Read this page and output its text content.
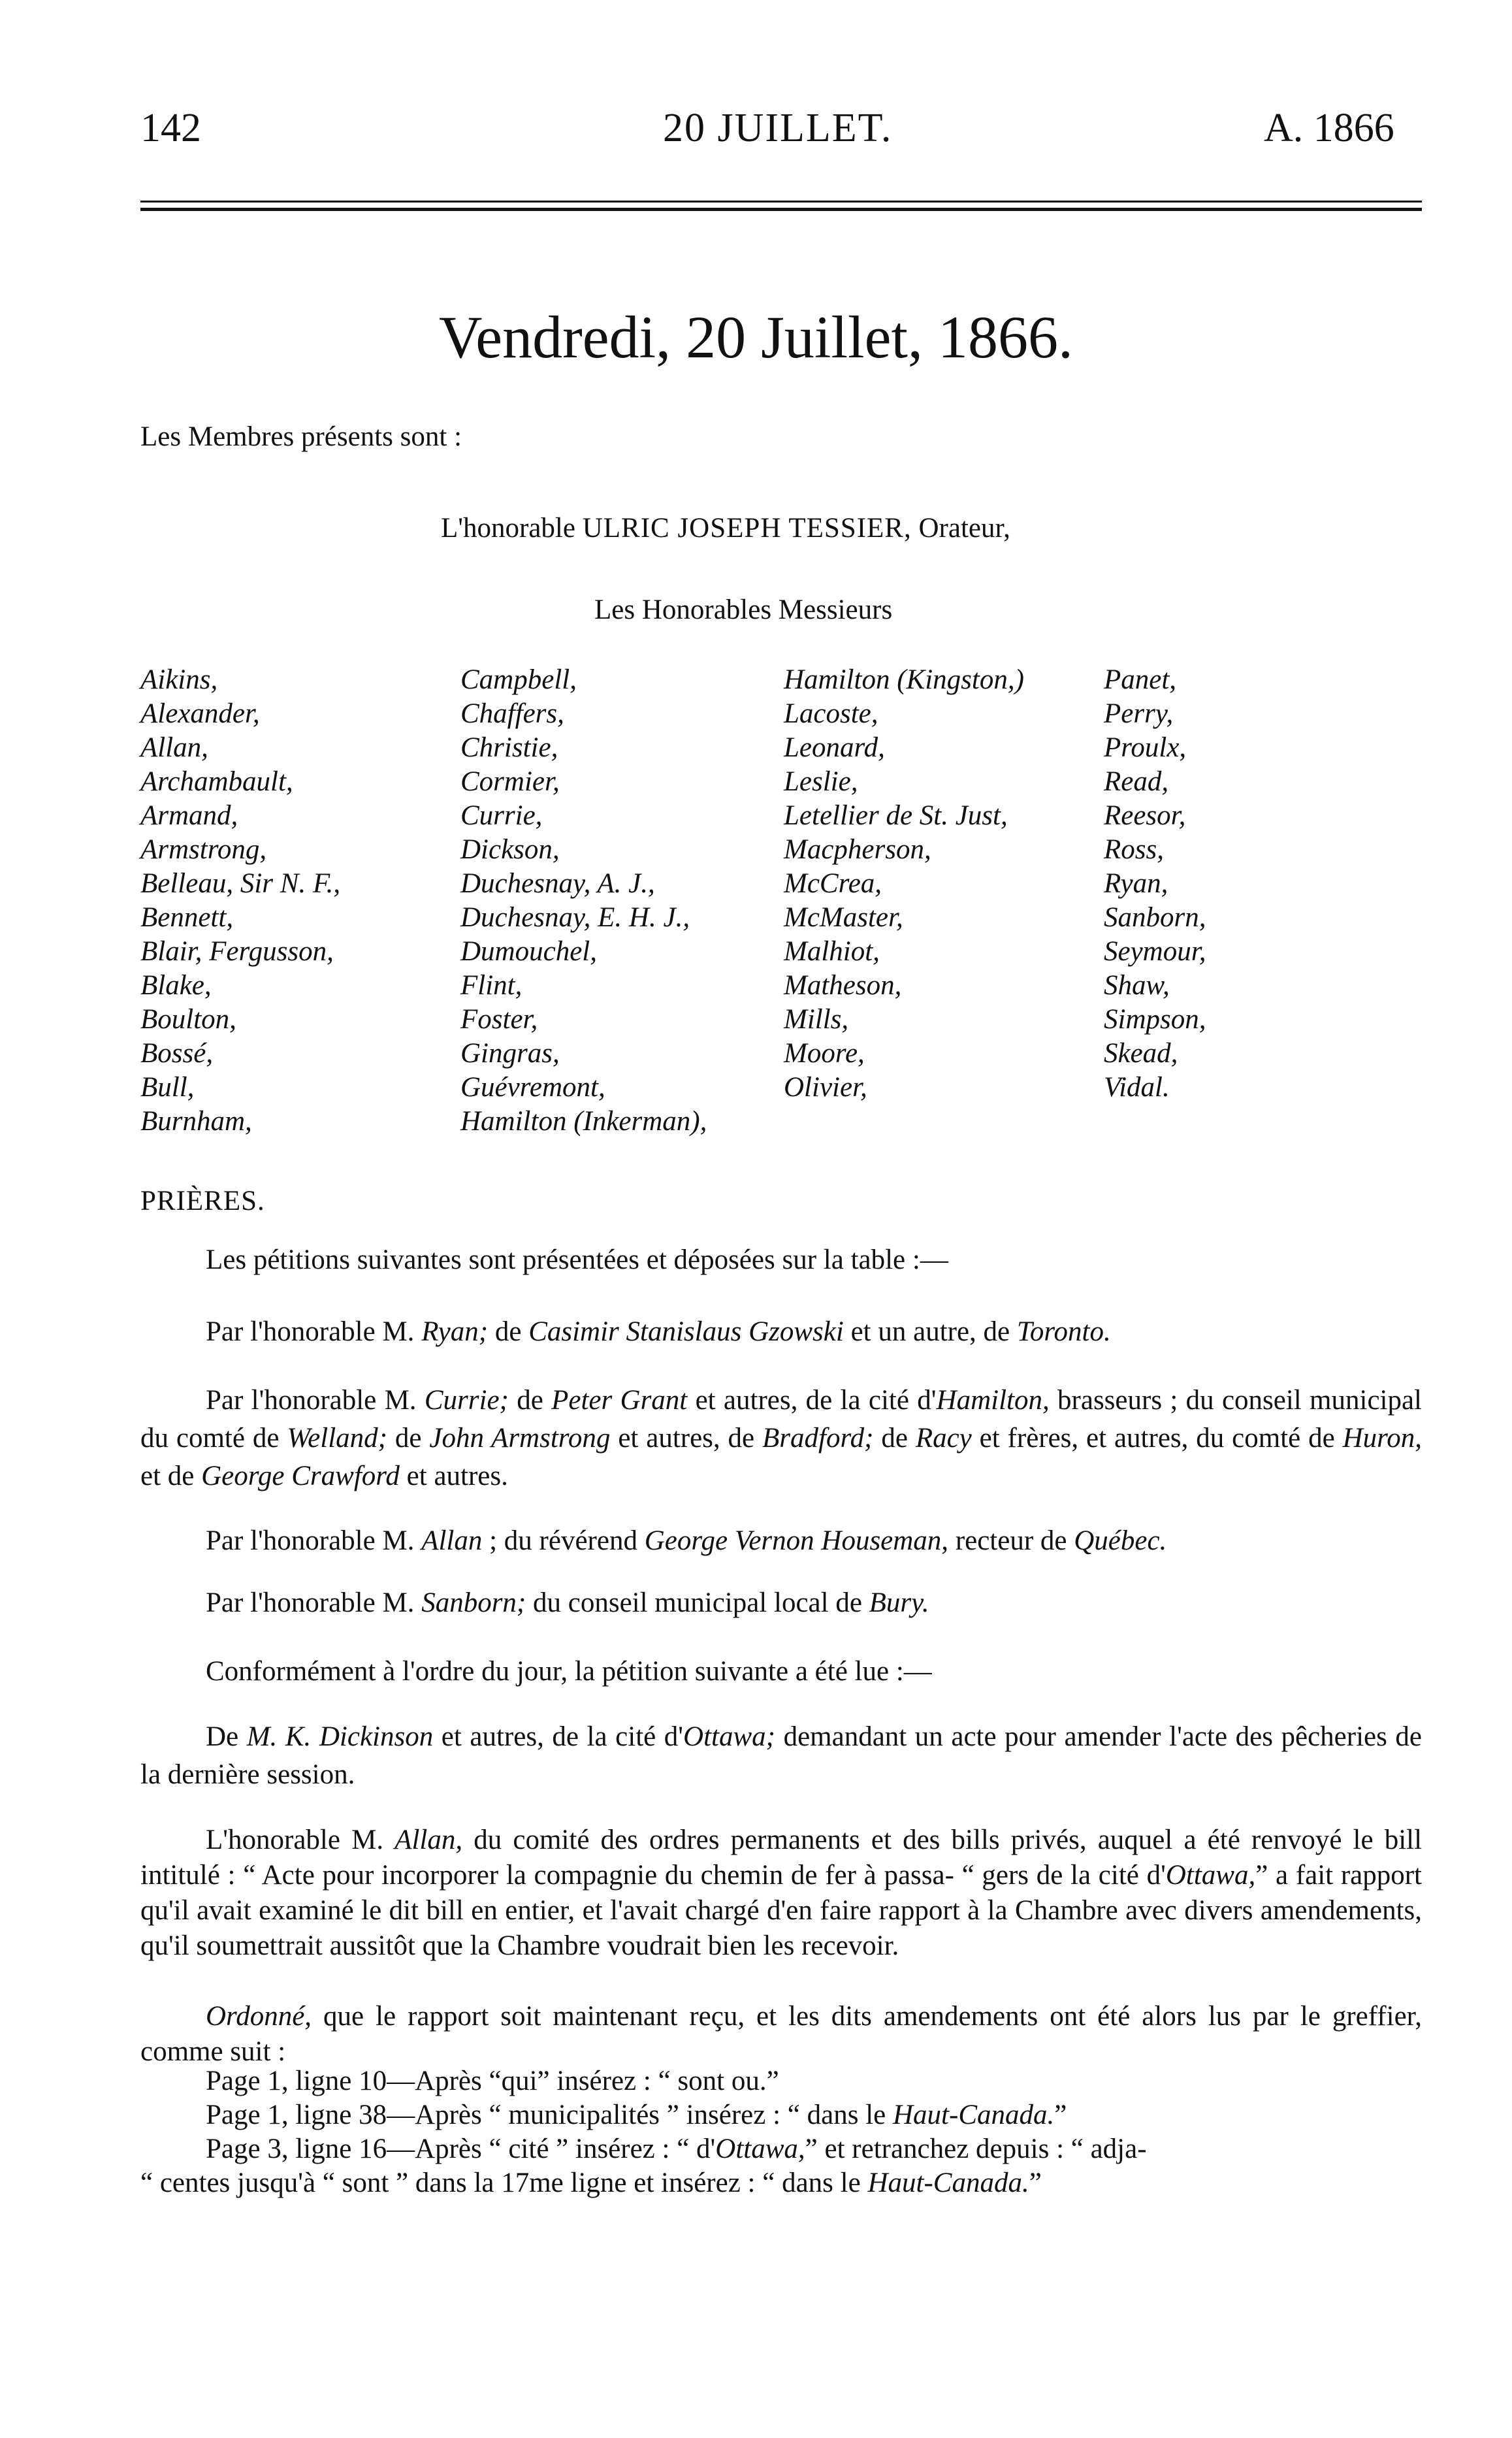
142	20 JUILLET.	A. 1866
Vendredi, 20 Juillet, 1866.
Les Membres présents sont :
L'honorable ULRIC JOSEPH TESSIER, Orateur,
Les Honorables Messieurs
Aikins,
Alexander,
Allan,
Archambault,
Armand,
Armstrong,
Belleau, Sir N. F.,
Bennett,
Blair, Fergusson,
Blake,
Boulton,
Bossé,
Bull,
Burnham,
Campbell,
Chaffers,
Christie,
Cormier,
Currie,
Dickson,
Duchesnay, A. J.,
Duchesnay, E. H. J.,
Dumouchel,
Flint,
Foster,
Gingras,
Guévremont,
Hamilton (Inkerman),
Hamilton (Kingston,)
Lacoste,
Leonard,
Leslie,
Letellier de St. Just,
Macpherson,
McCrea,
McMaster,
Malhiot,
Matheson,
Mills,
Moore,
Olivier,
Panet,
Perry,
Proulx,
Read,
Reesor,
Ross,
Ryan,
Sanborn,
Seymour,
Shaw,
Simpson,
Skead,
Vidal.
PRIÈRES.
Les pétitions suivantes sont présentées et déposées sur la table :—
Par l'honorable M. Ryan; de Casimir Stanislaus Gzowski et un autre, de Toronto.
Par l'honorable M. Currie; de Peter Grant et autres, de la cité d'Hamilton, brasseurs ; du conseil municipal du comté de Welland; de John Armstrong et autres, de Bradford; de Racy et frères, et autres, du comté de Huron, et de George Crawford et autres.
Par l'honorable M. Allan ; du révérend George Vernon Houseman, recteur de Québec.
Par l'honorable M. Sanborn; du conseil municipal local de Bury.
Conformément à l'ordre du jour, la pétition suivante a été lue :—
De M. K. Dickinson et autres, de la cité d'Ottawa; demandant un acte pour amender l'acte des pêcheries de la dernière session.
L'honorable M. Allan, du comité des ordres permanents et des bills privés, auquel a été renvoyé le bill intitulé : “ Acte pour incorporer la compagnie du chemin de fer à passa- “ gers de la cité d'Ottawa,” a fait rapport qu'il avait examiné le dit bill en entier, et l'avait chargé d'en faire rapport à la Chambre avec divers amendements, qu'il soumettrait aussitôt que la Chambre voudrait bien les recevoir.
Ordonné, que le rapport soit maintenant reçu, et les dits amendements ont été alors lus par le greffier, comme suit :
Page 1, ligne 10—Après “qui” insérez : “ sont ou.”
Page 1, ligne 38—Après “ municipalités ” insérez : “ dans le Haut-Canada.”
Page 3, ligne 16—Après “ cité ” insérez : “ d'Ottawa,” et retranchez depuis : “ adja-
“ centes jusqu'à “ sont ” dans la 17me ligne et insérez : “ dans le Haut-Canada.”
